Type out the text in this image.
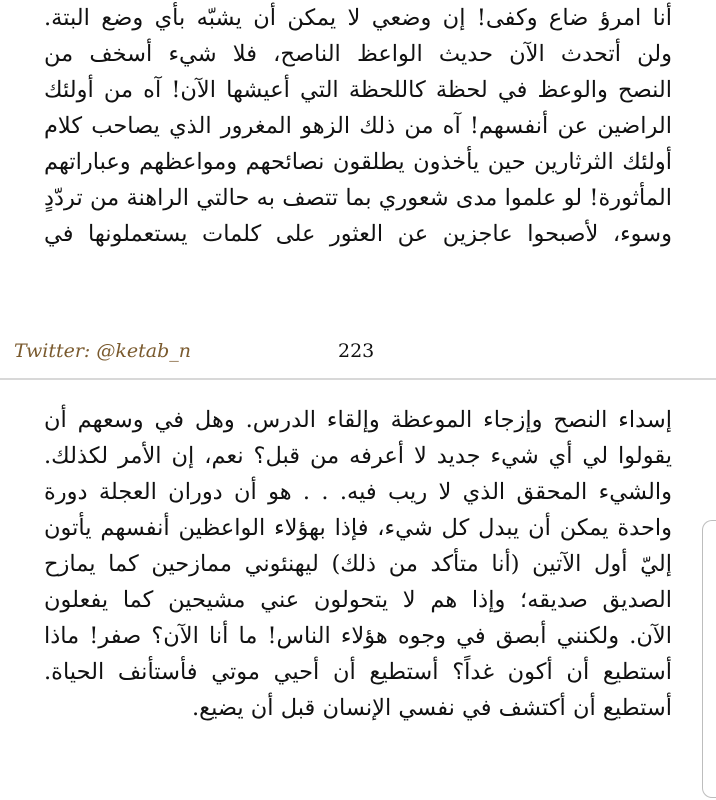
أنا امرؤ ضاع وكفى! إن وضعي لا يمكن أن يشبّه بأي وضع البتة.
ولن أتحدث الآن حديث الواعظ الناصح، فلا شيء أسخف من
النصح والوعظ في لحظة كاللحظة التي أعيشها الآن! آه من أولئك
الراضين عن أنفسهم! آه من ذلك الزهو المغرور الذي يصاحب كلام
أولئك الثرثارين حين يأخذون يطلقون نصائحهم ومواعظهم وعباراتهم
المأثورة! لو علموا مدى شعوري بما تتصف به حالتي الراهنة من تردّدٍ
وسوء، لأصبحوا عاجزين عن العثور على كلمات يستعملونها في
Twitter: @ketab_n	223
إسداء النصح وإزجاء الموعظة وإلقاء الدرس. وهل في وسعهم أن
يقولوا لي أي شيء جديد لا أعرفه من قبل؟ نعم، إن الأمر لكذلك.
والشيء المحقق الذي لا ريب فيه. . . هو أن دوران العجلة دورة
واحدة يمكن أن يبدل كل شيء، فإذا بهؤلاء الواعظين أنفسهم يأتون
إليّ أول الآتين (أنا متأكد من ذلك) ليهنئوني ممازحين كما يمازح
الصديق صديقه؛ وإذا هم لا يتحولون عني مشيحين كما يفعلون
الآن. ولكنني أبصق في وجوه هؤلاء الناس! ما أنا الآن؟ صفر! ماذا
أستطيع أن أكون غداً؟ أستطيع أن أحيي موتي فأستأنف الحياة.
أستطيع أن أكتشف في نفسي الإنسان قبل أن يضيع.
